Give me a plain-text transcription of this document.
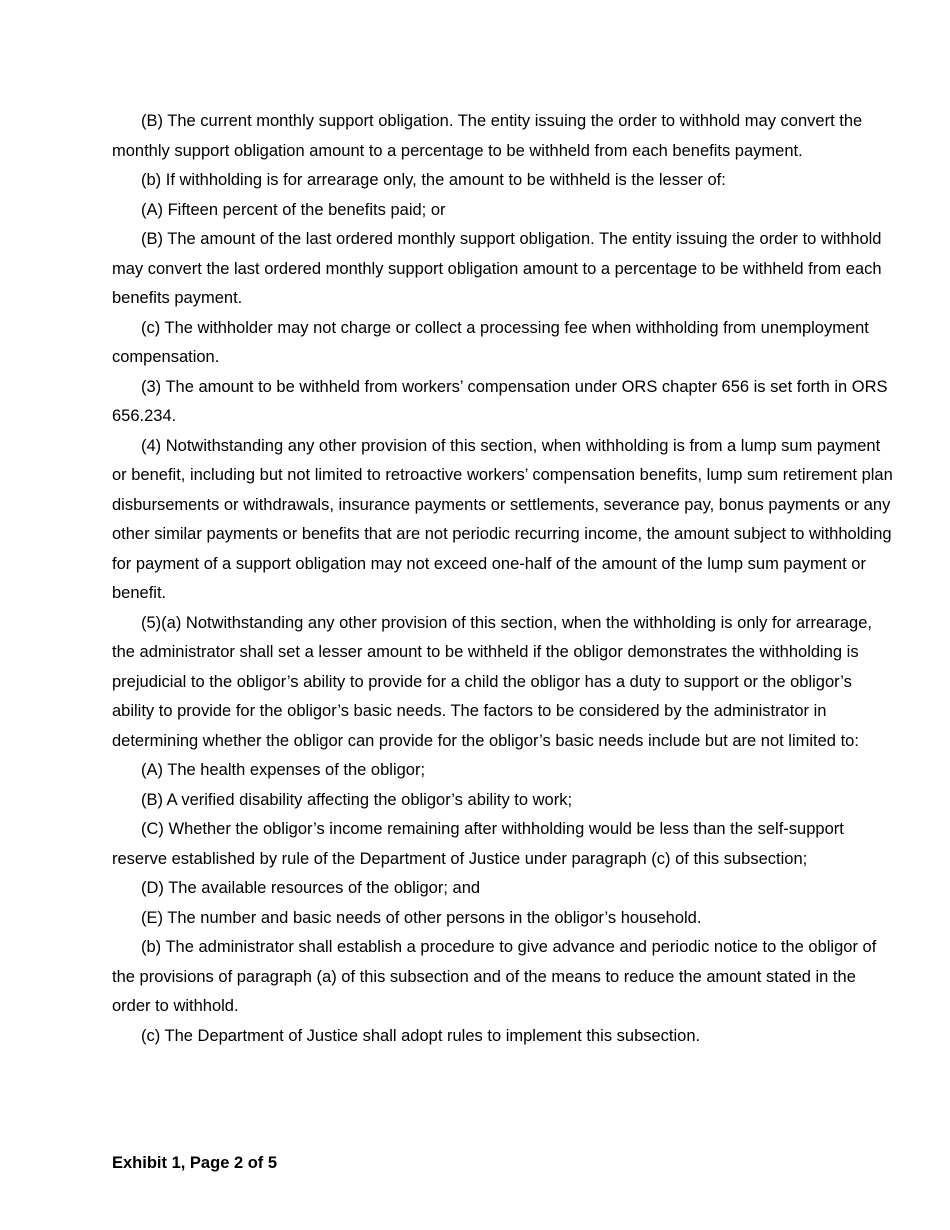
(B) The current monthly support obligation. The entity issuing the order to withhold may convert the monthly support obligation amount to a percentage to be withheld from each benefits payment.

(b) If withholding is for arrearage only, the amount to be withheld is the lesser of:

(A) Fifteen percent of the benefits paid; or

(B) The amount of the last ordered monthly support obligation. The entity issuing the order to withhold may convert the last ordered monthly support obligation amount to a percentage to be withheld from each benefits payment.

(c) The withholder may not charge or collect a processing fee when withholding from unemployment compensation.

(3) The amount to be withheld from workers’ compensation under ORS chapter 656 is set forth in ORS 656.234.

(4) Notwithstanding any other provision of this section, when withholding is from a lump sum payment or benefit, including but not limited to retroactive workers’ compensation benefits, lump sum retirement plan disbursements or withdrawals, insurance payments or settlements, severance pay, bonus payments or any other similar payments or benefits that are not periodic recurring income, the amount subject to withholding for payment of a support obligation may not exceed one-half of the amount of the lump sum payment or benefit.

(5)(a) Notwithstanding any other provision of this section, when the withholding is only for arrearage, the administrator shall set a lesser amount to be withheld if the obligor demonstrates the withholding is prejudicial to the obligor’s ability to provide for a child the obligor has a duty to support or the obligor’s ability to provide for the obligor’s basic needs. The factors to be considered by the administrator in determining whether the obligor can provide for the obligor’s basic needs include but are not limited to:

(A) The health expenses of the obligor;

(B) A verified disability affecting the obligor’s ability to work;

(C) Whether the obligor’s income remaining after withholding would be less than the self-support reserve established by rule of the Department of Justice under paragraph (c) of this subsection;

(D) The available resources of the obligor; and

(E) The number and basic needs of other persons in the obligor’s household.

(b) The administrator shall establish a procedure to give advance and periodic notice to the obligor of the provisions of paragraph (a) of this subsection and of the means to reduce the amount stated in the order to withhold.

(c) The Department of Justice shall adopt rules to implement this subsection.

Exhibit 1, Page 2 of 5
